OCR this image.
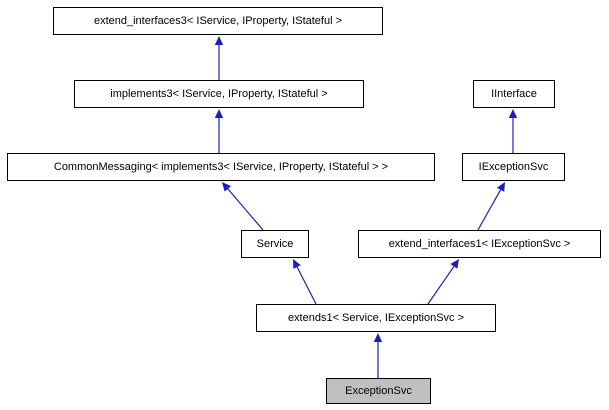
extend_interfaces3< IService, IProperty, IStateful >
implements3< IService, IProperty, IStateful >	IInterface
CommonMessaging< implements3< IService, IProperty, IStateful > >	IExceptionSvc
Service	extend_interfaces1< IExceptionSvc >
extends1< Service, IExceptionSvc >
ExceptionSvc
